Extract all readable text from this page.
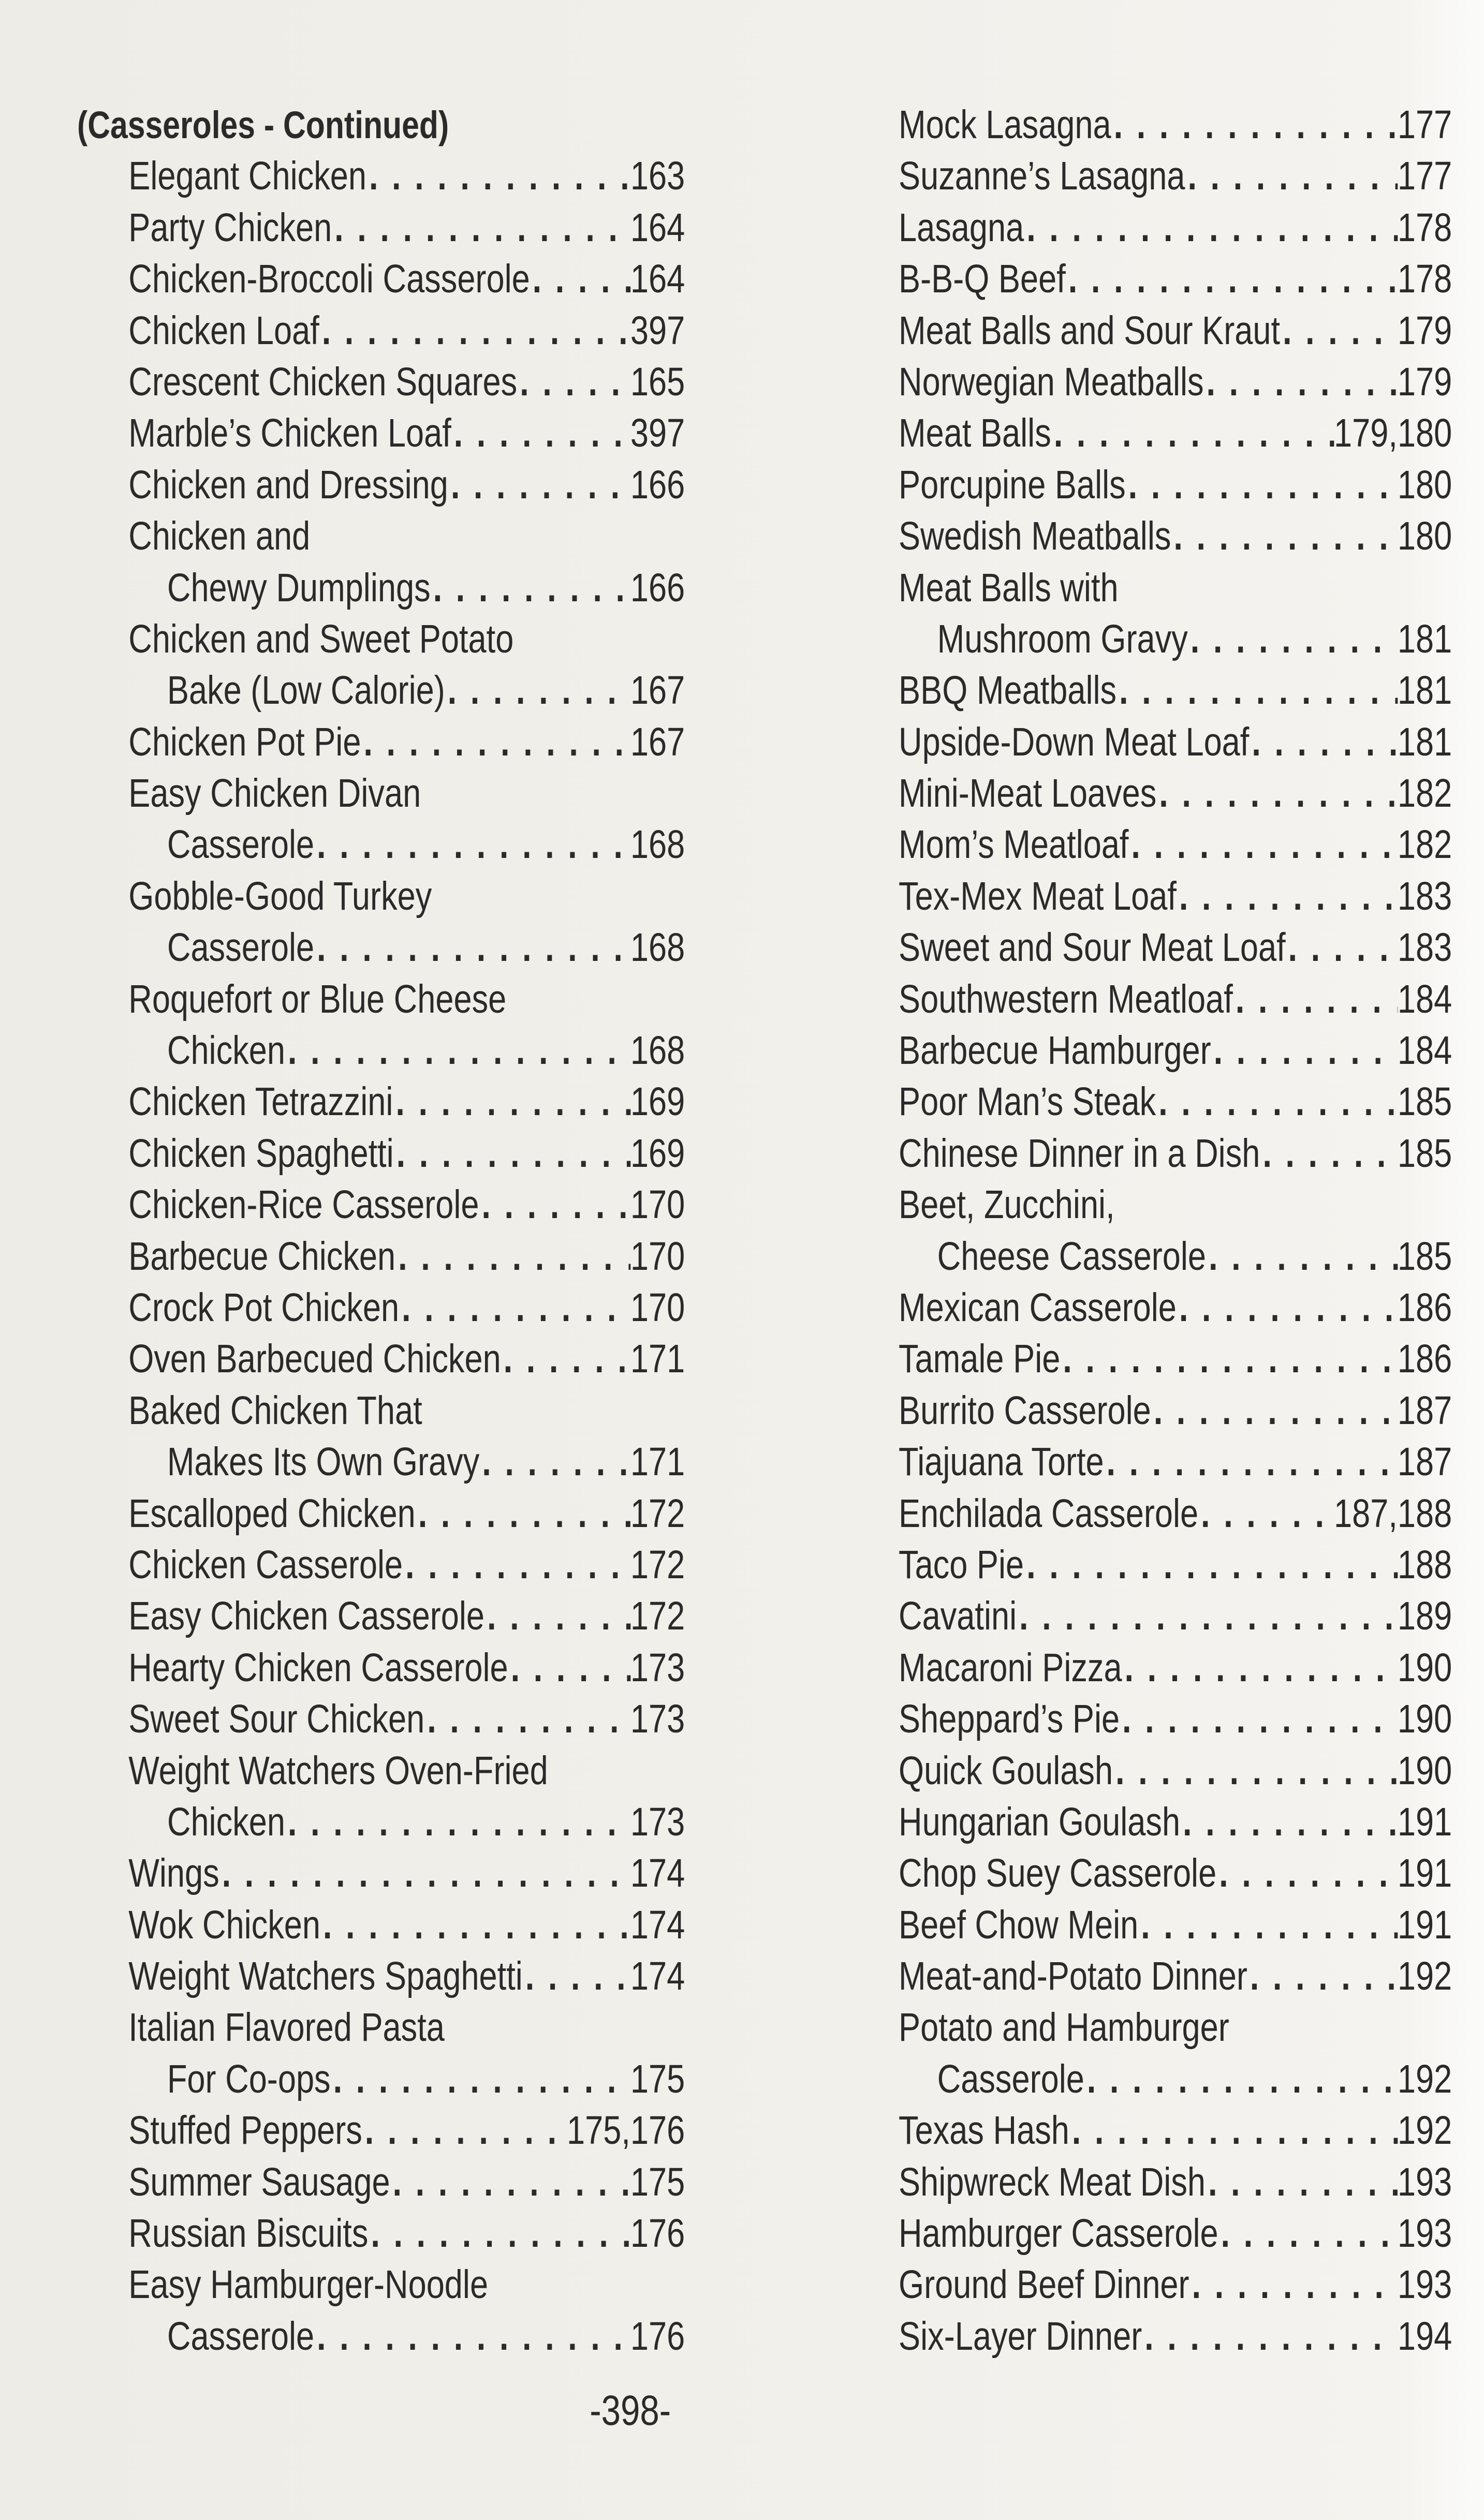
(Casseroles - Continued)
Elegant Chicken . . .	163
Party Chicken . . .	164
Chicken-Broccoli Casserole . . .	164
Chicken Loaf . . .	397
Crescent Chicken Squares . . .	165
Marble’s Chicken Loaf . . .	397
Chicken and Dressing . . .	166
Chicken and
Chewy Dumplings . . .	166
Chicken and Sweet Potato
Bake (Low Calorie) . . .	167
Chicken Pot Pie . . .	167
Easy Chicken Divan
Casserole . . .	168
Gobble-Good Turkey
Casserole . . .	168
Roquefort or Blue Cheese
Chicken . . .	168
Chicken Tetrazzini . . .	169
Chicken Spaghetti . . .	169
Chicken-Rice Casserole . . .	170
Barbecue Chicken . . .	170
Crock Pot Chicken . . .	170
Oven Barbecued Chicken . . .	171
Baked Chicken That
Makes Its Own Gravy . . .	171
Escalloped Chicken . . .	172
Chicken Casserole . . .	172
Easy Chicken Casserole . . .	172
Hearty Chicken Casserole . . .	173
Sweet Sour Chicken . . .	173
Weight Watchers Oven-Fried
Chicken . . .	173
Wings . . .	174
Wok Chicken . . .	174
Weight Watchers Spaghetti . . .	174
Italian Flavored Pasta
For Co-ops . . .	175
Stuffed Peppers . . .	175,176
Summer Sausage . . .	175
Russian Biscuits . . .	176
Easy Hamburger-Noodle
Casserole . . .	176
Mock Lasagna . . .	177
Suzanne’s Lasagna . . .	177
Lasagna . . .	178
B-B-Q Beef . . .	178
Meat Balls and Sour Kraut . . .	179
Norwegian Meatballs . . .	179
Meat Balls . . .	179,180
Porcupine Balls . . .	180
Swedish Meatballs . . .	180
Meat Balls with
Mushroom Gravy . . .	181
BBQ Meatballs . . .	181
Upside-Down Meat Loaf . . .	181
Mini-Meat Loaves . . .	182
Mom’s Meatloaf . . .	182
Tex-Mex Meat Loaf . . .	183
Sweet and Sour Meat Loaf . . .	183
Southwestern Meatloaf . . .	184
Barbecue Hamburger . . .	184
Poor Man’s Steak . . .	185
Chinese Dinner in a Dish . . .	185
Beet, Zucchini,
Cheese Casserole . . .	185
Mexican Casserole . . .	186
Tamale Pie . . .	186
Burrito Casserole . . .	187
Tiajuana Torte . . .	187
Enchilada Casserole . . .	187,188
Taco Pie . . .	188
Cavatini . . .	189
Macaroni Pizza . . .	190
Sheppard’s Pie . . .	190
Quick Goulash . . .	190
Hungarian Goulash . . .	191
Chop Suey Casserole . . .	191
Beef Chow Mein . . .	191
Meat-and-Potato Dinner . . .	192
Potato and Hamburger
Casserole . . .	192
Texas Hash . . .	192
Shipwreck Meat Dish . . .	193
Hamburger Casserole . . .	193
Ground Beef Dinner . . .	193
Six-Layer Dinner . . .	194
-398-
